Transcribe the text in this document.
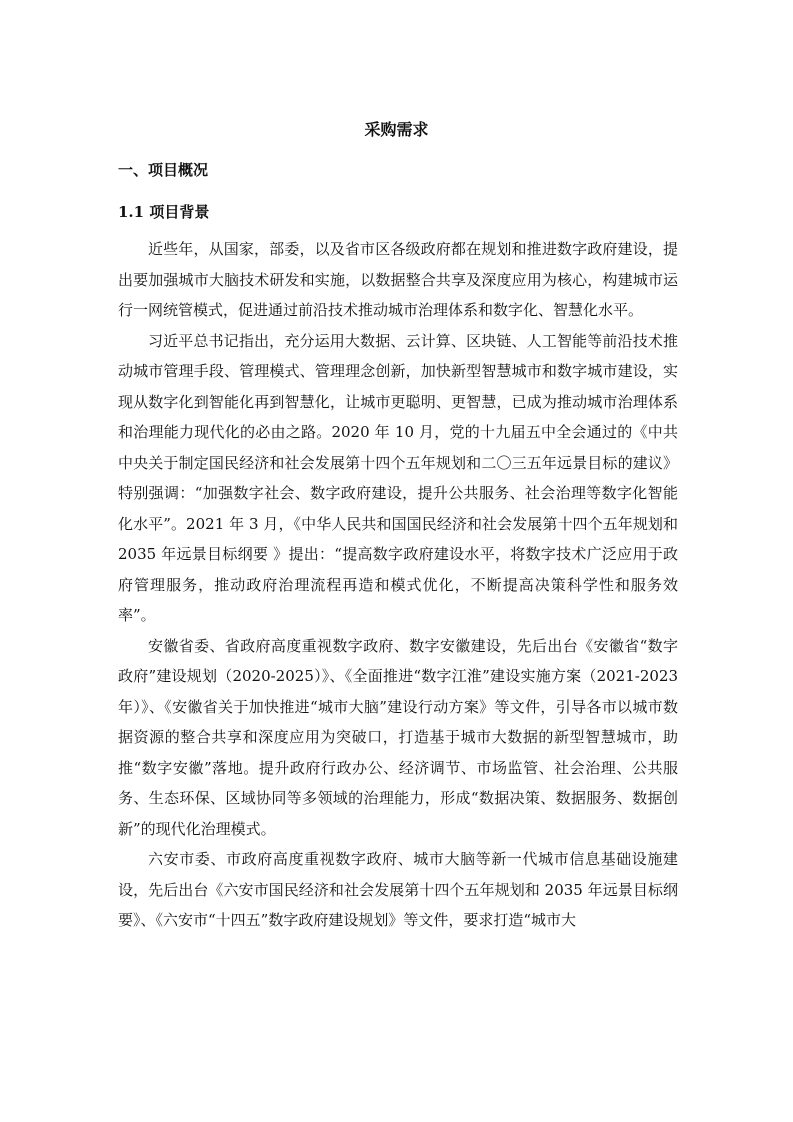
采购需求
一、项目概况
1.1 项目背景

近些年，从国家，部委，以及省市区各级政府都在规划和推进数字政府建设，提出要加强城市大脑技术研发和实施，以数据整合共享及深度应用为核心，构建城市运行一网统管模式，促进通过前沿技术推动城市治理体系和数字化、智慧化水平。

习近平总书记指出，充分运用大数据、云计算、区块链、人工智能等前沿技术推动城市管理手段、管理模式、管理理念创新，加快新型智慧城市和数字城市建设，实现从数字化到智能化再到智慧化，让城市更聪明、更智慧，已成为推动城市治理体系和治理能力现代化的必由之路。2020 年 10 月，党的十九届五中全会通过的《中共中央关于制定国民经济和社会发展第十四个五年规划和二〇三五年远景目标的建议》特别强调：“加强数字社会、数字政府建设，提升公共服务、社会治理等数字化智能化水平”。2021 年 3 月，《中华人民共和国国民经济和社会发展第十四个五年规划和 2035 年远景目标纲要 》提出：“提高数字政府建设水平，将数字技术广泛应用于政府管理服务，推动政府治理流程再造和模式优化，不断提高决策科学性和服务效率”。

安徽省委、省政府高度重视数字政府、数字安徽建设，先后出台《安徽省“数字政府”建设规划（2020-2025）》、《全面推进“数字江淮”建设实施方案（2021-2023 年）》、《安徽省关于加快推进“城市大脑”建设行动方案》等文件，引导各市以城市数据资源的整合共享和深度应用为突破口，打造基于城市大数据的新型智慧城市，助推“数字安徽”落地。提升政府行政办公、经济调节、市场监管、社会治理、公共服务、生态环保、区域协同等多领域的治理能力，形成“数据决策、数据服务、数据创新”的现代化治理模式。

六安市委、市政府高度重视数字政府、城市大脑等新一代城市信息基础设施建设，先后出台《六安市国民经济和社会发展第十四个五年规划和 2035 年远景目标纲要》、《六安市“十四五”数字政府建设规划》等文件，要求打造“城市大
